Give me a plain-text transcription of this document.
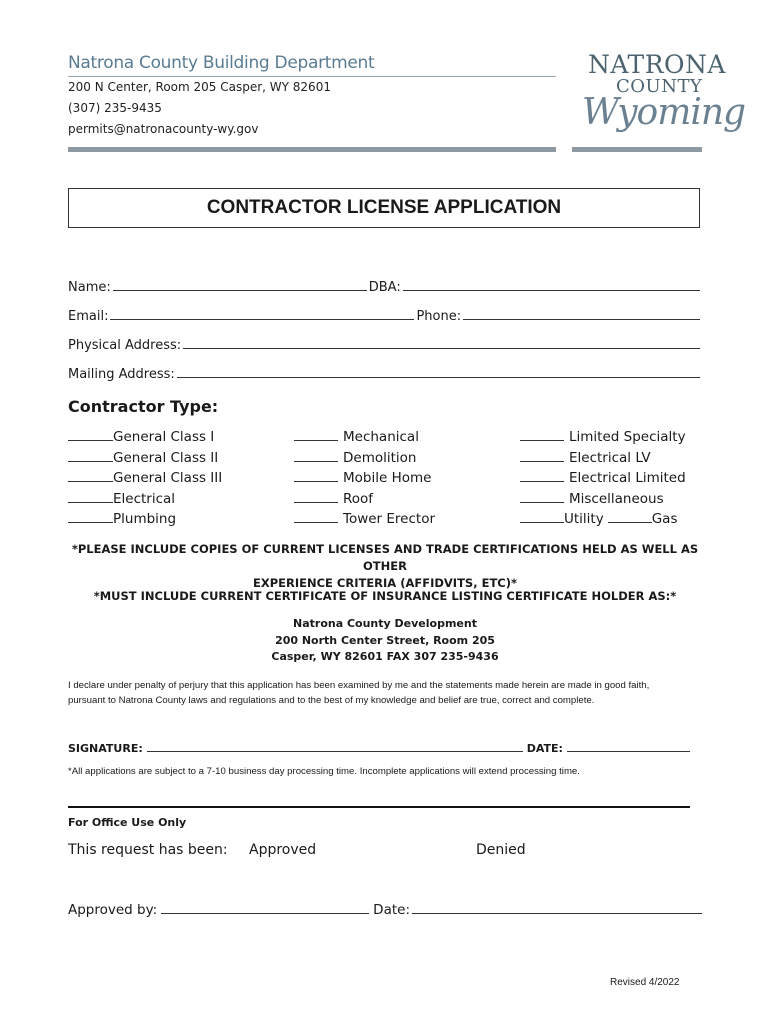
Natrona County Building Department
200 N Center, Room 205 Casper, WY 82601
(307) 235-9435
permits@natronacounty-wy.gov
NATRONA
COUNTY
Wyoming
CONTRACTOR LICENSE APPLICATION
Name:	DBA:
Email:	Phone:
Physical Address:
Mailing Address:
Contractor Type:
General Class I
General Class II
General Class III
Electrical
Plumbing
Mechanical
Demolition
Mobile Home
Roof
Tower Erector
Limited Specialty
Electrical LV
Electrical Limited
Miscellaneous
Utility	Gas
*PLEASE INCLUDE COPIES OF CURRENT LICENSES AND TRADE CERTIFICATIONS HELD AS WELL AS OTHER
EXPERIENCE CRITERIA (AFFIDVITS, ETC)*
*MUST INCLUDE CURRENT CERTIFICATE OF INSURANCE LISTING CERTIFICATE HOLDER AS:*
Natrona County Development
200 North Center Street, Room 205
Casper, WY 82601 FAX 307 235-9436
I declare under penalty of perjury that this application has been examined by me and the statements made herein are made in good faith,
pursuant to Natrona County laws and regulations and to the best of my knowledge and belief are true, correct and complete.
SIGNATURE:	DATE:
*All applications are subject to a 7-10 business day processing time. Incomplete applications will extend processing time.
For Office Use Only
This request has been: Approved	Denied
Approved by:	Date:
Revised 4/2022
